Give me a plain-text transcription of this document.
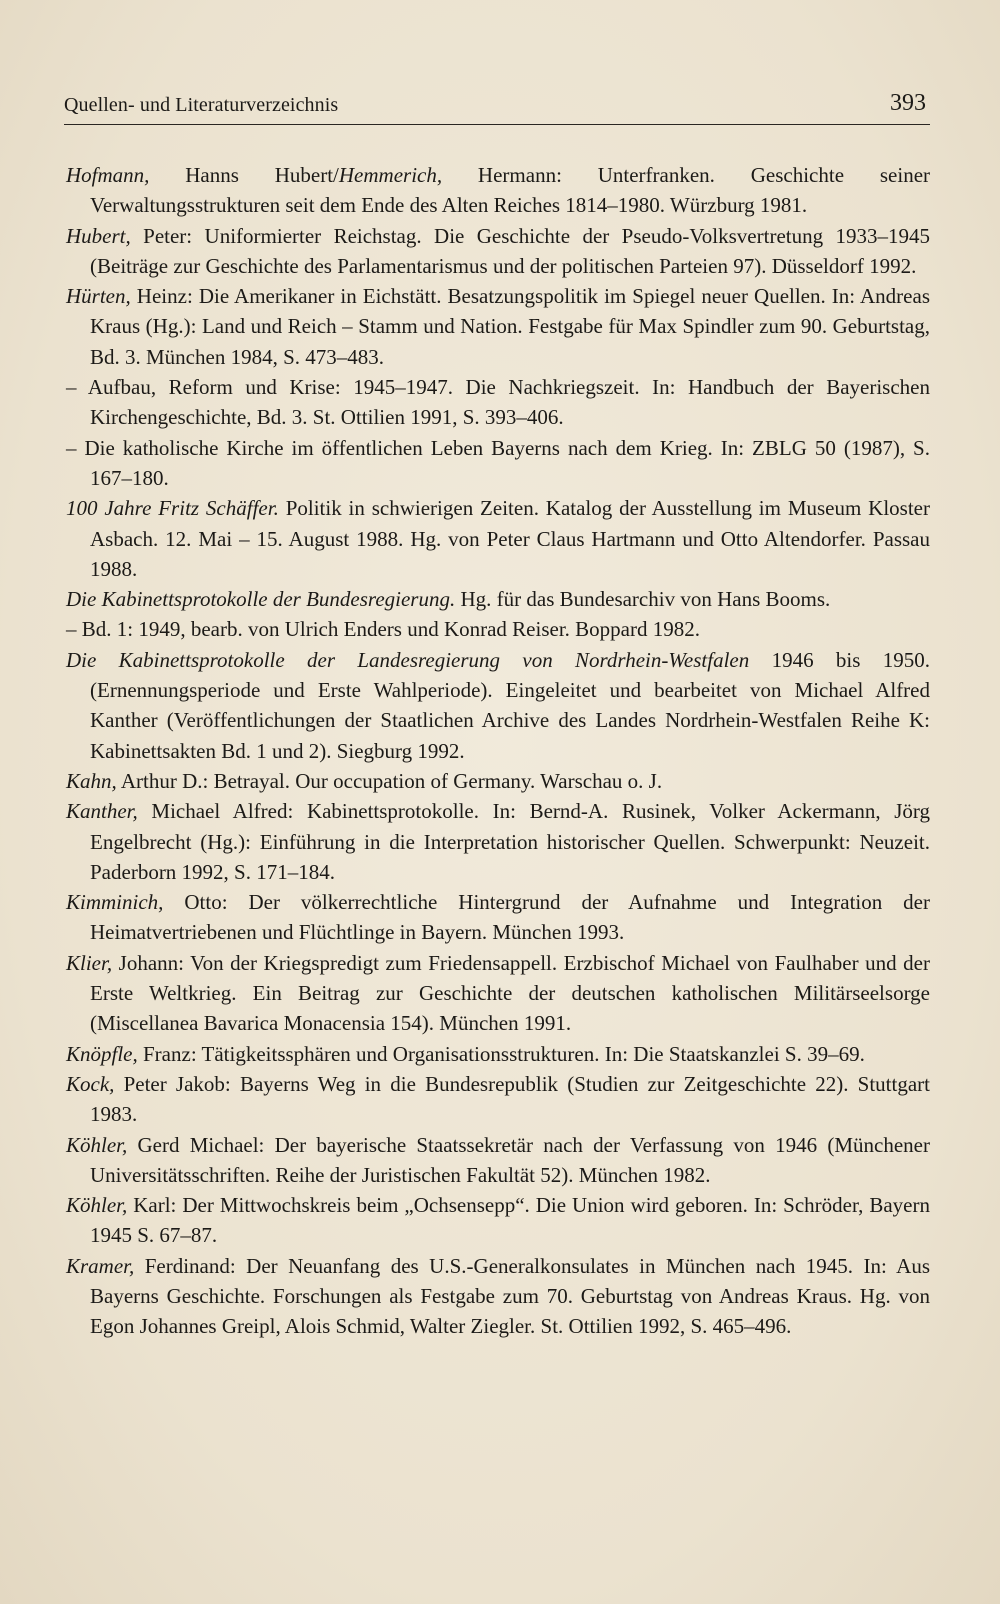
Quellen- und Literaturverzeichnis	393

Hofmann, Hanns Hubert/Hemmerich, Hermann: Unterfranken. Geschichte seiner Verwaltungsstrukturen seit dem Ende des Alten Reiches 1814–1980. Würzburg 1981.

Hubert, Peter: Uniformierter Reichstag. Die Geschichte der Pseudo-Volksvertretung 1933–1945 (Beiträge zur Geschichte des Parlamentarismus und der politischen Parteien 97). Düsseldorf 1992.

Hürten, Heinz: Die Amerikaner in Eichstätt. Besatzungspolitik im Spiegel neuer Quellen. In: Andreas Kraus (Hg.): Land und Reich – Stamm und Nation. Festgabe für Max Spindler zum 90. Geburtstag, Bd. 3. München 1984, S. 473–483.

– Aufbau, Reform und Krise: 1945–1947. Die Nachkriegszeit. In: Handbuch der Bayerischen Kirchengeschichte, Bd. 3. St. Ottilien 1991, S. 393–406.

– Die katholische Kirche im öffentlichen Leben Bayerns nach dem Krieg. In: ZBLG 50 (1987), S. 167–180.

100 Jahre Fritz Schäffer. Politik in schwierigen Zeiten. Katalog der Ausstellung im Museum Kloster Asbach. 12. Mai – 15. August 1988. Hg. von Peter Claus Hartmann und Otto Altendorfer. Passau 1988.

Die Kabinettsprotokolle der Bundesregierung. Hg. für das Bundesarchiv von Hans Booms.

– Bd. 1: 1949, bearb. von Ulrich Enders und Konrad Reiser. Boppard 1982.

Die Kabinettsprotokolle der Landesregierung von Nordrhein-Westfalen 1946 bis 1950. (Ernennungsperiode und Erste Wahlperiode). Eingeleitet und bearbeitet von Michael Alfred Kanther (Veröffentlichungen der Staatlichen Archive des Landes Nordrhein-Westfalen Reihe K: Kabinettsakten Bd. 1 und 2). Siegburg 1992.

Kahn, Arthur D.: Betrayal. Our occupation of Germany. Warschau o. J.

Kanther, Michael Alfred: Kabinettsprotokolle. In: Bernd-A. Rusinek, Volker Ackermann, Jörg Engelbrecht (Hg.): Einführung in die Interpretation historischer Quellen. Schwerpunkt: Neuzeit. Paderborn 1992, S. 171–184.

Kimminich, Otto: Der völkerrechtliche Hintergrund der Aufnahme und Integration der Heimatvertriebenen und Flüchtlinge in Bayern. München 1993.

Klier, Johann: Von der Kriegspredigt zum Friedensappell. Erzbischof Michael von Faulhaber und der Erste Weltkrieg. Ein Beitrag zur Geschichte der deutschen katholischen Militärseelsorge (Miscellanea Bavarica Monacensia 154). München 1991.

Knöpfle, Franz: Tätigkeitssphären und Organisationsstrukturen. In: Die Staatskanzlei S. 39–69.

Kock, Peter Jakob: Bayerns Weg in die Bundesrepublik (Studien zur Zeitgeschichte 22). Stuttgart 1983.

Köhler, Gerd Michael: Der bayerische Staatssekretär nach der Verfassung von 1946 (Münchener Universitätsschriften. Reihe der Juristischen Fakultät 52). München 1982.

Köhler, Karl: Der Mittwochskreis beim „Ochsensepp“. Die Union wird geboren. In: Schröder, Bayern 1945 S. 67–87.

Kramer, Ferdinand: Der Neuanfang des U.S.-Generalkonsulates in München nach 1945. In: Aus Bayerns Geschichte. Forschungen als Festgabe zum 70. Geburtstag von Andreas Kraus. Hg. von Egon Johannes Greipl, Alois Schmid, Walter Ziegler. St. Ottilien 1992, S. 465–496.
